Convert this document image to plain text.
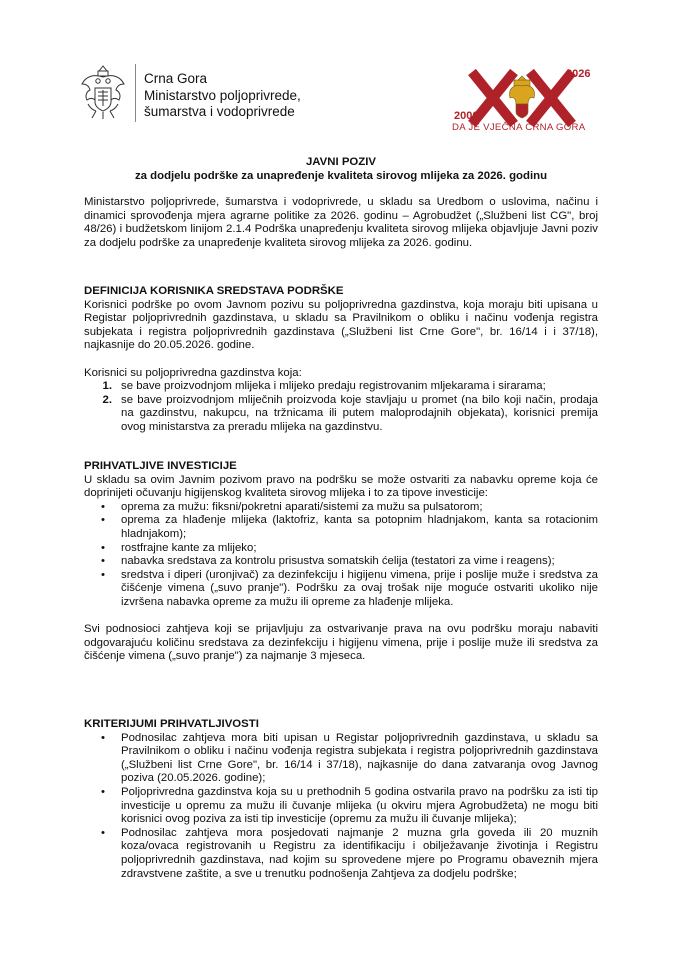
Crna Gora
Ministarstvo poljoprivrede,
šumarstva i vodoprivrede
2026
2006
DA JE VJEČNA CRNA GORA
JAVNI POZIV
za dodjelu podrške za unapređenje kvaliteta sirovog mlijeka za 2026. godinu

Ministarstvo poljoprivrede, šumarstva i vodoprivrede, u skladu sa Uredbom o uslovima, načinu i dinamici sprovođenja mjera agrarne politike za 2026. godinu – Agrobudžet („Službeni list CG", broj 48/26) i budžetskom linijom 2.1.4 Podrška unapređenju kvaliteta sirovog mlijeka objavljuje Javni poziv za dodjelu podrške za unapređenje kvaliteta sirovog mlijeka za 2026. godinu.

DEFINICIJA KORISNIKA SREDSTAVA PODRŠKE

Korisnici podrške po ovom Javnom pozivu su poljoprivredna gazdinstva, koja moraju biti upisana u Registar poljoprivrednih gazdinstava, u skladu sa Pravilnikom o obliku i načinu vođenja registra subjekata i registra poljoprivrednih gazdinstava („Službeni list Crne Gore", br. 16/14 i i 37/18), najkasnije do 20.05.2026. godine.

Korisnici su poljoprivredna gazdinstva koja:

1. se bave proizvodnjom mlijeka i mlijeko predaju registrovanim mljekarama i sirarama;
2. se bave proizvodnjom mliječnih proizvoda koje stavljaju u promet (na bilo koji način, prodaja na gazdinstvu, nakupcu, na tržnicama ili putem maloprodajnih objekata), korisnici premija ovog ministarstva za preradu mlijeka na gazdinstvu.
PRIHVATLJIVE INVESTICIJE

U skladu sa ovim Javnim pozivom pravo na podršku se može ostvariti za nabavku opreme koja će doprinijeti očuvanju higijenskog kvaliteta sirovog mlijeka i to za tipove investicije:

•	oprema za mužu: fiksni/pokretni aparati/sistemi za mužu sa pulsatorom;
•	oprema za hlađenje mlijeka (laktofriz, kanta sa potopnim hladnjakom, kanta sa rotacionim hladnjakom);
•	rostfrajne kante za mlijeko;
•	nabavka sredstava za kontrolu prisustva somatskih ćelija (testatori za vime i reagens);
•	sredstva i diperi (uronjivač) za dezinfekciju i higijenu vimena, prije i poslije muže i sredstva za čišćenje vimena („suvo pranje"). Podršku za ovaj trošak nije moguće ostvariti ukoliko nije izvršena nabavka opreme za mužu ili opreme za hlađenje mlijeka.

Svi podnosioci zahtjeva koji se prijavljuju za ostvarivanje prava na ovu podršku moraju nabaviti odgovarajuću količinu sredstava za dezinfekciju i higijenu vimena, prije i poslije muže ili sredstva za čišćenje vimena („suvo pranje") za najmanje 3 mjeseca.

KRITERIJUMI PRIHVATLJIVOSTI
•	Podnosilac zahtjeva mora biti upisan u Registar poljoprivrednih gazdinstava, u skladu sa Pravilnikom o obliku i načinu vođenja registra subjekata i registra poljoprivrednih gazdinstava („Službeni list Crne Gore", br. 16/14 i 37/18), najkasnije do dana zatvaranja ovog Javnog poziva (20.05.2026. godine);
•	Poljoprivredna gazdinstva koja su u prethodnih 5 godina ostvarila pravo na podršku za isti tip investicije u opremu za mužu ili čuvanje mlijeka (u okviru mjera Agrobudžeta) ne mogu biti korisnici ovog poziva za isti tip investicije (opremu za mužu ili čuvanje mlijeka);
•	Podnosilac zahtjeva mora posjedovati najmanje 2 muzna grla goveda ili 20 muznih koza/ovaca registrovanih u Registru za identifikaciju i obilježavanje životinja i Registru poljoprivrednih gazdinstava, nad kojim su sprovedene mjere po Programu obaveznih mjera zdravstvene zaštite, a sve u trenutku podnošenja Zahtjeva za dodjelu podrške;
